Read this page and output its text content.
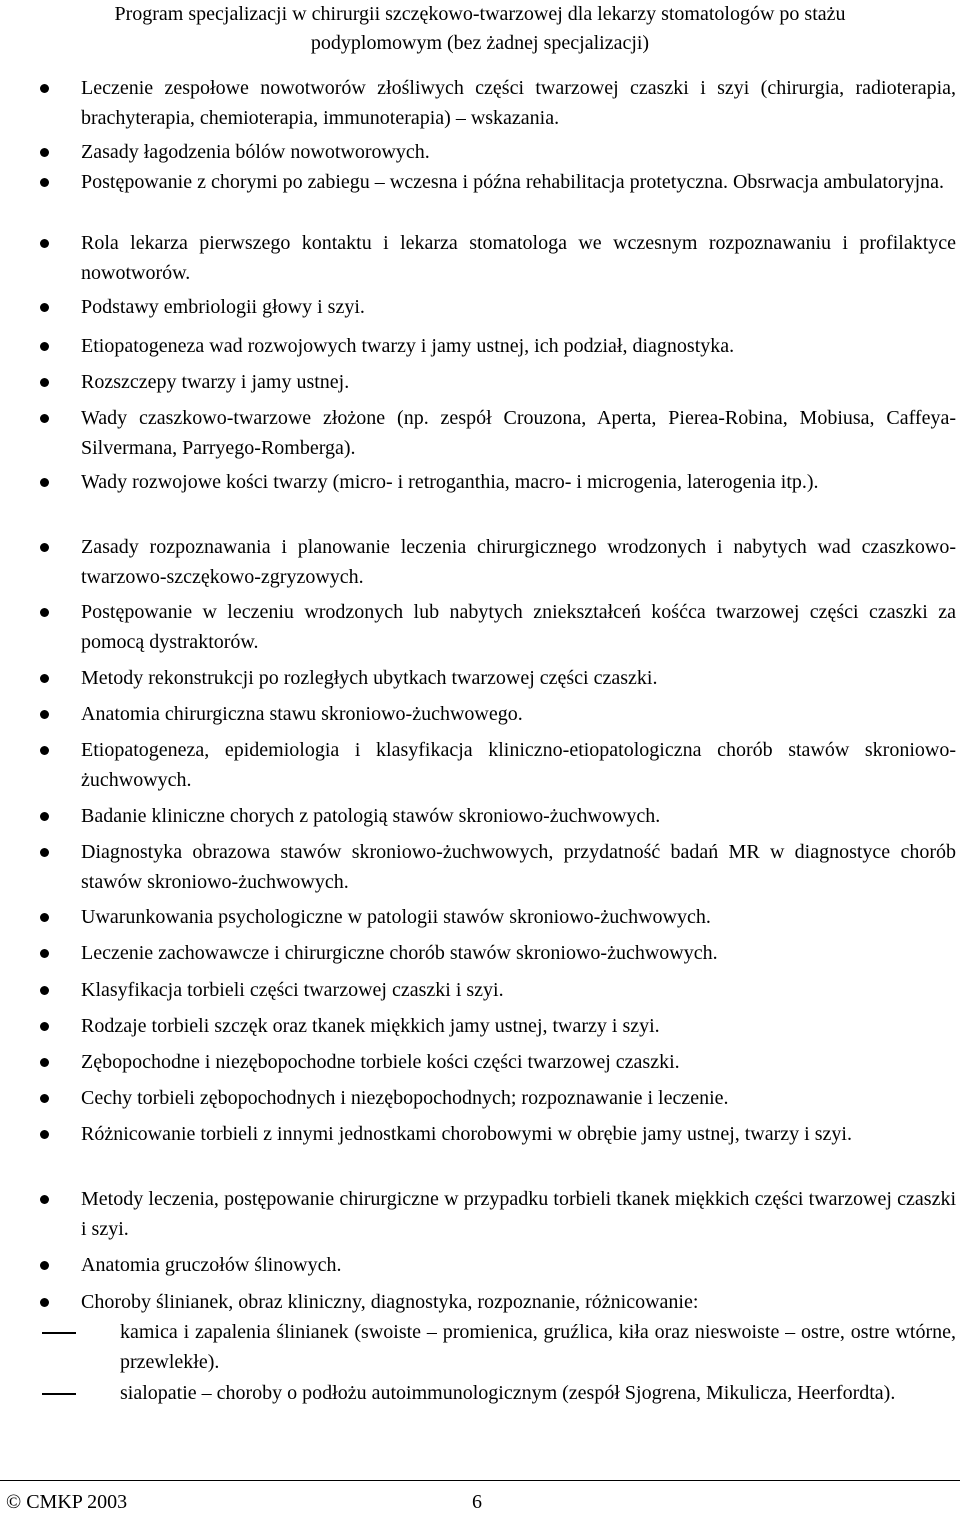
Program specjalizacji w chirurgii szczękowo-twarzowej dla lekarzy stomatologów po stażu
podyplomowym (bez żadnej specjalizacji)
Leczenie zespołowe nowotworów złośliwych części twarzowej czaszki i szyi (chirurgia, radioterapia, brachyterapia, chemioterapia, immunoterapia) – wskazania.
Zasady łagodzenia bólów nowotworowych.
Postępowanie z chorymi po zabiegu – wczesna i późna rehabilitacja protetyczna. Obsrwacja ambulatoryjna.
Rola lekarza pierwszego kontaktu i lekarza stomatologa we wczesnym rozpoznawaniu i profilaktyce nowotworów.
Podstawy embriologii głowy i szyi.
Etiopatogeneza wad rozwojowych twarzy i jamy ustnej, ich podział, diagnostyka.
Rozszczepy twarzy i jamy ustnej.
Wady czaszkowo-twarzowe złożone (np. zespół Crouzona, Aperta, Pierea-Robina, Mobiusa, Caffeya-Silvermana, Parryego-Romberga).
Wady rozwojowe kości twarzy (micro- i retroganthia, macro- i microgenia, laterogenia itp.).
Zasady rozpoznawania i planowanie leczenia chirurgicznego wrodzonych i nabytych wad czaszkowo-twarzowo-szczękowo-zgryzowych.
Postępowanie w leczeniu wrodzonych lub nabytych zniekształceń kośćca twarzowej części czaszki za pomocą dystraktorów.
Metody rekonstrukcji po rozległych ubytkach twarzowej części czaszki.
Anatomia chirurgiczna stawu skroniowo-żuchwowego.
Etiopatogeneza, epidemiologia i klasyfikacja kliniczno-etiopatologiczna chorób stawów skroniowo-żuchwowych.
Badanie kliniczne chorych z patologią stawów skroniowo-żuchwowych.
Diagnostyka obrazowa stawów skroniowo-żuchwowych, przydatność badań MR w diagnostyce chorób stawów skroniowo-żuchwowych.
Uwarunkowania psychologiczne w patologii stawów skroniowo-żuchwowych.
Leczenie zachowawcze i chirurgiczne chorób stawów skroniowo-żuchwowych.
Klasyfikacja torbieli części twarzowej czaszki i szyi.
Rodzaje torbieli szczęk oraz tkanek miękkich jamy ustnej, twarzy i szyi.
Zębopochodne i niezębopochodne torbiele kości części twarzowej czaszki.
Cechy torbieli zębopochodnych i niezębopochodnych; rozpoznawanie i leczenie.
Różnicowanie torbieli z innymi jednostkami chorobowymi w obrębie jamy ustnej, twarzy i szyi.
Metody leczenia, postępowanie chirurgiczne w przypadku torbieli tkanek miękkich części twarzowej czaszki i szyi.
Anatomia gruczołów ślinowych.
Choroby ślinianek, obraz kliniczny, diagnostyka, rozpoznanie, różnicowanie:
kamica i zapalenia ślinianek (swoiste – promienica, gruźlica, kiła oraz nieswoiste – ostre, ostre wtórne, przewlekłe).
sialopatie – choroby o podłożu autoimmunologicznym (zespół Sjogrena, Mikulicza, Heerfordta).
© CMKP 2003	6
